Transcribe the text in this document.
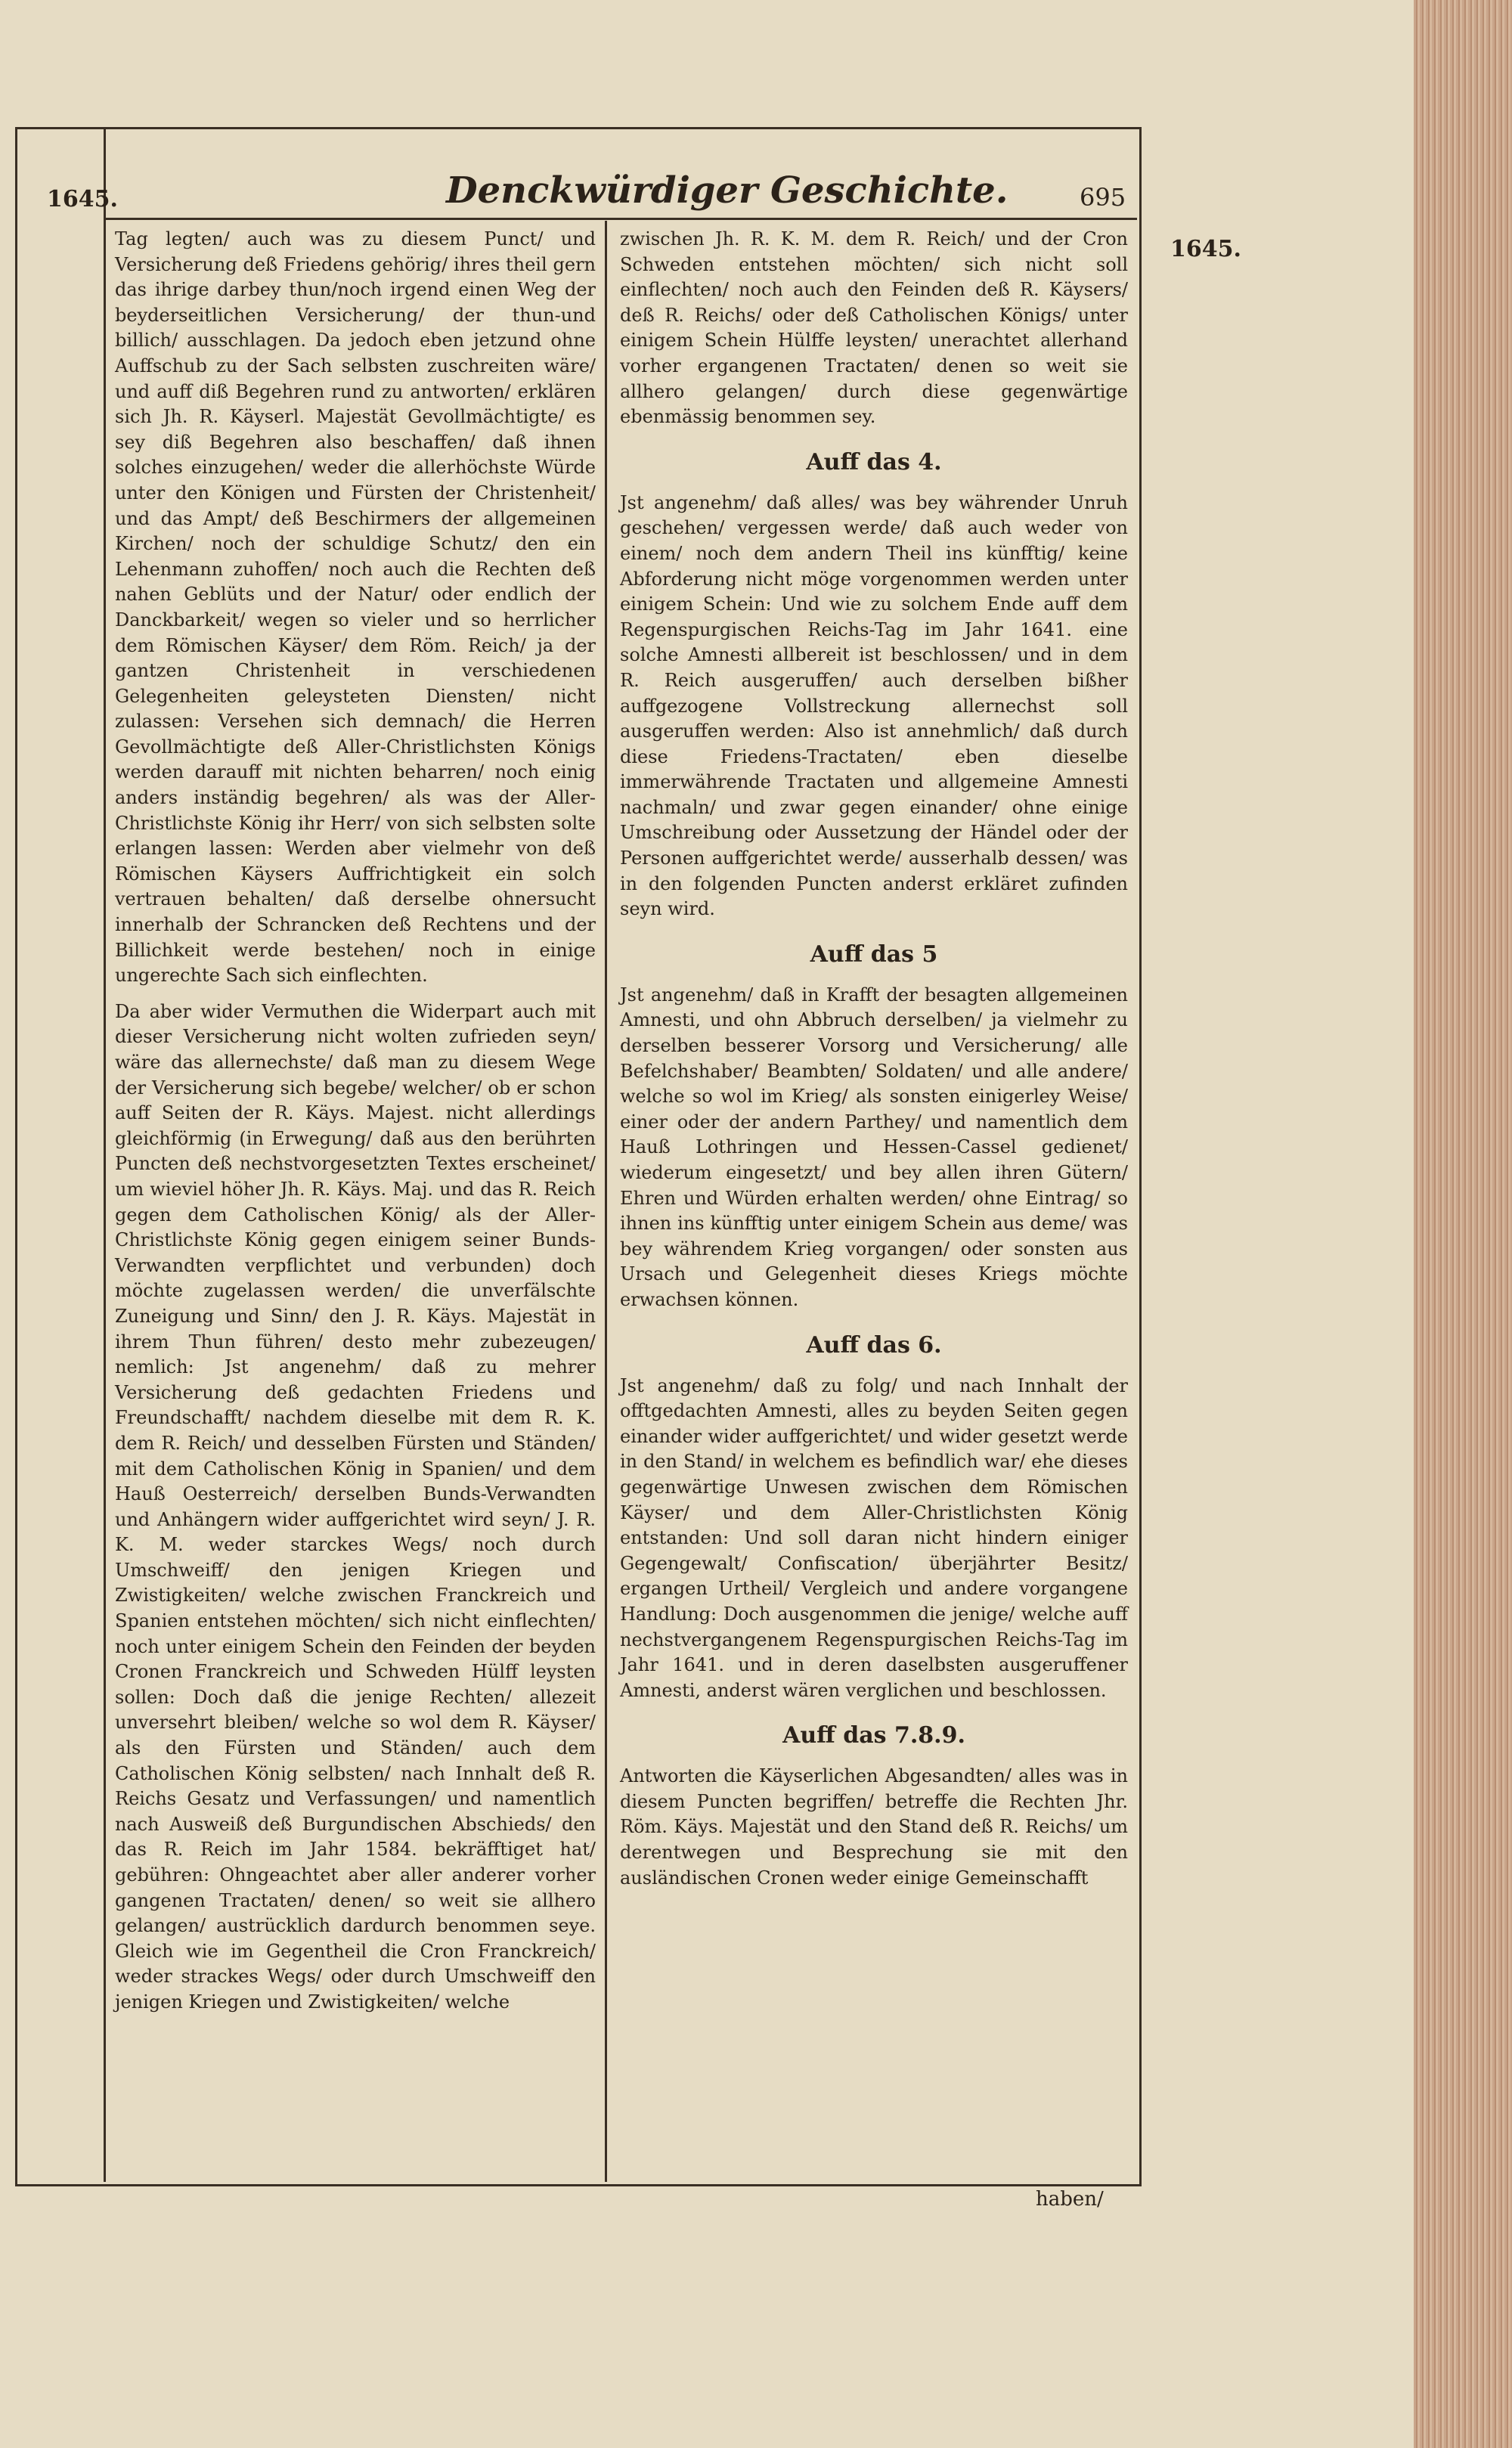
1645.	Denckwürdiger Geschichte.	695
1645.

Tag legten/ auch was zu diesem Punct/ und Versicherung deß Friedens gehörig/ ihres theil gern das ihrige darbey thun/noch irgend einen Weg der beyderseitlichen Versicherung/ der thun-und billich/ ausschlagen. Da jedoch eben jetzund ohne Auffschub zu der Sach selbsten zuschreiten wäre/ und auff diß Begehren rund zu antworten/ erklären sich Jh. R. Käyserl. Majestät Gevollmächtigte/ es sey diß Begehren also beschaffen/ daß ihnen solches einzugehen/ weder die allerhöchste Würde unter den Königen und Fürsten der Christenheit/ und das Ampt/ deß Beschirmers der allgemeinen Kirchen/ noch der schuldige Schutz/ den ein Lehenmann zuhoffen/ noch auch die Rechten deß nahen Geblüts und der Natur/ oder endlich der Danckbarkeit/ wegen so vieler und so herrlicher dem Römischen Käyser/ dem Röm. Reich/ ja der gantzen Christenheit in verschiedenen Gelegenheiten geleysteten Diensten/ nicht zulassen: Versehen sich demnach/ die Herren Gevollmächtigte deß Aller-Christlichsten Königs werden darauff mit nichten beharren/ noch einig anders inständig begehren/ als was der Aller-Christlichste König ihr Herr/ von sich selbsten solte erlangen lassen: Werden aber vielmehr von deß Römischen Käysers Auffrichtigkeit ein solch vertrauen behalten/ daß derselbe ohnersucht innerhalb der Schrancken deß Rechtens und der Billichkeit werde bestehen/ noch in einige ungerechte Sach sich einflechten.

Da aber wider Vermuthen die Widerpart auch mit dieser Versicherung nicht wolten zufrieden seyn/ wäre das allernechste/ daß man zu diesem Wege der Versicherung sich begebe/ welcher/ ob er schon auff Seiten der R. Käys. Majest. nicht allerdings gleichförmig (in Erwegung/ daß aus den berührten Puncten deß nechstvorgesetzten Textes erscheinet/ um wieviel höher Jh. R. Käys. Maj. und das R. Reich gegen dem Catholischen König/ als der Aller-Christlichste König gegen einigem seiner Bunds-Verwandten verpflichtet und verbunden) doch möchte zugelassen werden/ die unverfälschte Zuneigung und Sinn/ den J. R. Käys. Majestät in ihrem Thun führen/ desto mehr zubezeugen/ nemlich: Jst angenehm/ daß zu mehrer Versicherung deß gedachten Friedens und Freundschafft/ nachdem dieselbe mit dem R. K. dem R. Reich/ und desselben Fürsten und Ständen/ mit dem Catholischen König in Spanien/ und dem Hauß Oesterreich/ derselben Bunds-Verwandten und Anhängern wider auffgerichtet wird seyn/ J. R. K. M. weder starckes Wegs/ noch durch Umschweiff/ den jenigen Kriegen und Zwistigkeiten/ welche zwischen Franckreich und Spanien entstehen möchten/ sich nicht einflechten/ noch unter einigem Schein den Feinden der beyden Cronen Franckreich und Schweden Hülff leysten sollen: Doch daß die jenige Rechten/ allezeit unversehrt bleiben/ welche so wol dem R. Käyser/ als den Fürsten und Ständen/ auch dem Catholischen König selbsten/ nach Innhalt deß R. Reichs Gesatz und Verfassungen/ und namentlich nach Ausweiß deß Burgundischen Abschieds/ den das R. Reich im Jahr 1584. bekräfftiget hat/ gebühren: Ohngeachtet aber aller anderer vorher gangenen Tractaten/ denen/ so weit sie allhero gelangen/ austrücklich dardurch benommen seye. Gleich wie im Gegentheil die Cron Franckreich/ weder strackes Wegs/ oder durch Umschweiff den jenigen Kriegen und Zwistigkeiten/ welche

zwischen Jh. R. K. M. dem R. Reich/ und der Cron Schweden entstehen möchten/ sich nicht soll einflechten/ noch auch den Feinden deß R. Käysers/ deß R. Reichs/ oder deß Catholischen Königs/ unter einigem Schein Hülffe leysten/ unerachtet allerhand vorher ergangenen Tractaten/ denen so weit sie allhero gelangen/ durch diese gegenwärtige ebenmässig benommen sey.

Auff das 4.

Jst angenehm/ daß alles/ was bey währender Unruh geschehen/ vergessen werde/ daß auch weder von einem/ noch dem andern Theil ins künfftig/ keine Abforderung nicht möge vorgenommen werden unter einigem Schein: Und wie zu solchem Ende auff dem Regenspurgischen Reichs-Tag im Jahr 1641. eine solche Amnesti allbereit ist beschlossen/ und in dem R. Reich ausgeruffen/ auch derselben bißher auffgezogene Vollstreckung allernechst soll ausgeruffen werden: Also ist annehmlich/ daß durch diese Friedens-Tractaten/ eben dieselbe immerwährende Tractaten und allgemeine Amnesti nachmaln/ und zwar gegen einander/ ohne einige Umschreibung oder Aussetzung der Händel oder der Personen auffgerichtet werde/ ausserhalb dessen/ was in den folgenden Puncten anderst erkläret zufinden seyn wird.

Auff das 5

Jst angenehm/ daß in Krafft der besagten allgemeinen Amnesti, und ohn Abbruch derselben/ ja vielmehr zu derselben besserer Vorsorg und Versicherung/ alle Befelchshaber/ Beambten/ Soldaten/ und alle andere/ welche so wol im Krieg/ als sonsten einigerley Weise/ einer oder der andern Parthey/ und namentlich dem Hauß Lothringen und Hessen-Cassel gedienet/ wiederum eingesetzt/ und bey allen ihren Gütern/ Ehren und Würden erhalten werden/ ohne Eintrag/ so ihnen ins künfftig unter einigem Schein aus deme/ was bey währendem Krieg vorgangen/ oder sonsten aus Ursach und Gelegenheit dieses Kriegs möchte erwachsen können.

Auff das 6.

Jst angenehm/ daß zu folg/ und nach Innhalt der offtgedachten Amnesti, alles zu beyden Seiten gegen einander wider auffgerichtet/ und wider gesetzt werde in den Stand/ in welchem es befindlich war/ ehe dieses gegenwärtige Unwesen zwischen dem Römischen Käyser/ und dem Aller-Christlichsten König entstanden: Und soll daran nicht hindern einiger Gegengewalt/ Confiscation/ überjährter Besitz/ ergangen Urtheil/ Vergleich und andere vorgangene Handlung: Doch ausgenommen die jenige/ welche auff nechstvergangenem Regenspurgischen Reichs-Tag im Jahr 1641. und in deren daselbsten ausgeruffener Amnesti, anderst wären verglichen und beschlossen.

Auff das 7.8.9.

Antworten die Käyserlichen Abgesandten/ alles was in diesem Puncten begriffen/ betreffe die Rechten Jhr. Röm. Käys. Majestät und den Stand deß R. Reichs/ um derentwegen und Besprechung sie mit den ausländischen Cronen weder einige Gemeinschafft

haben/
